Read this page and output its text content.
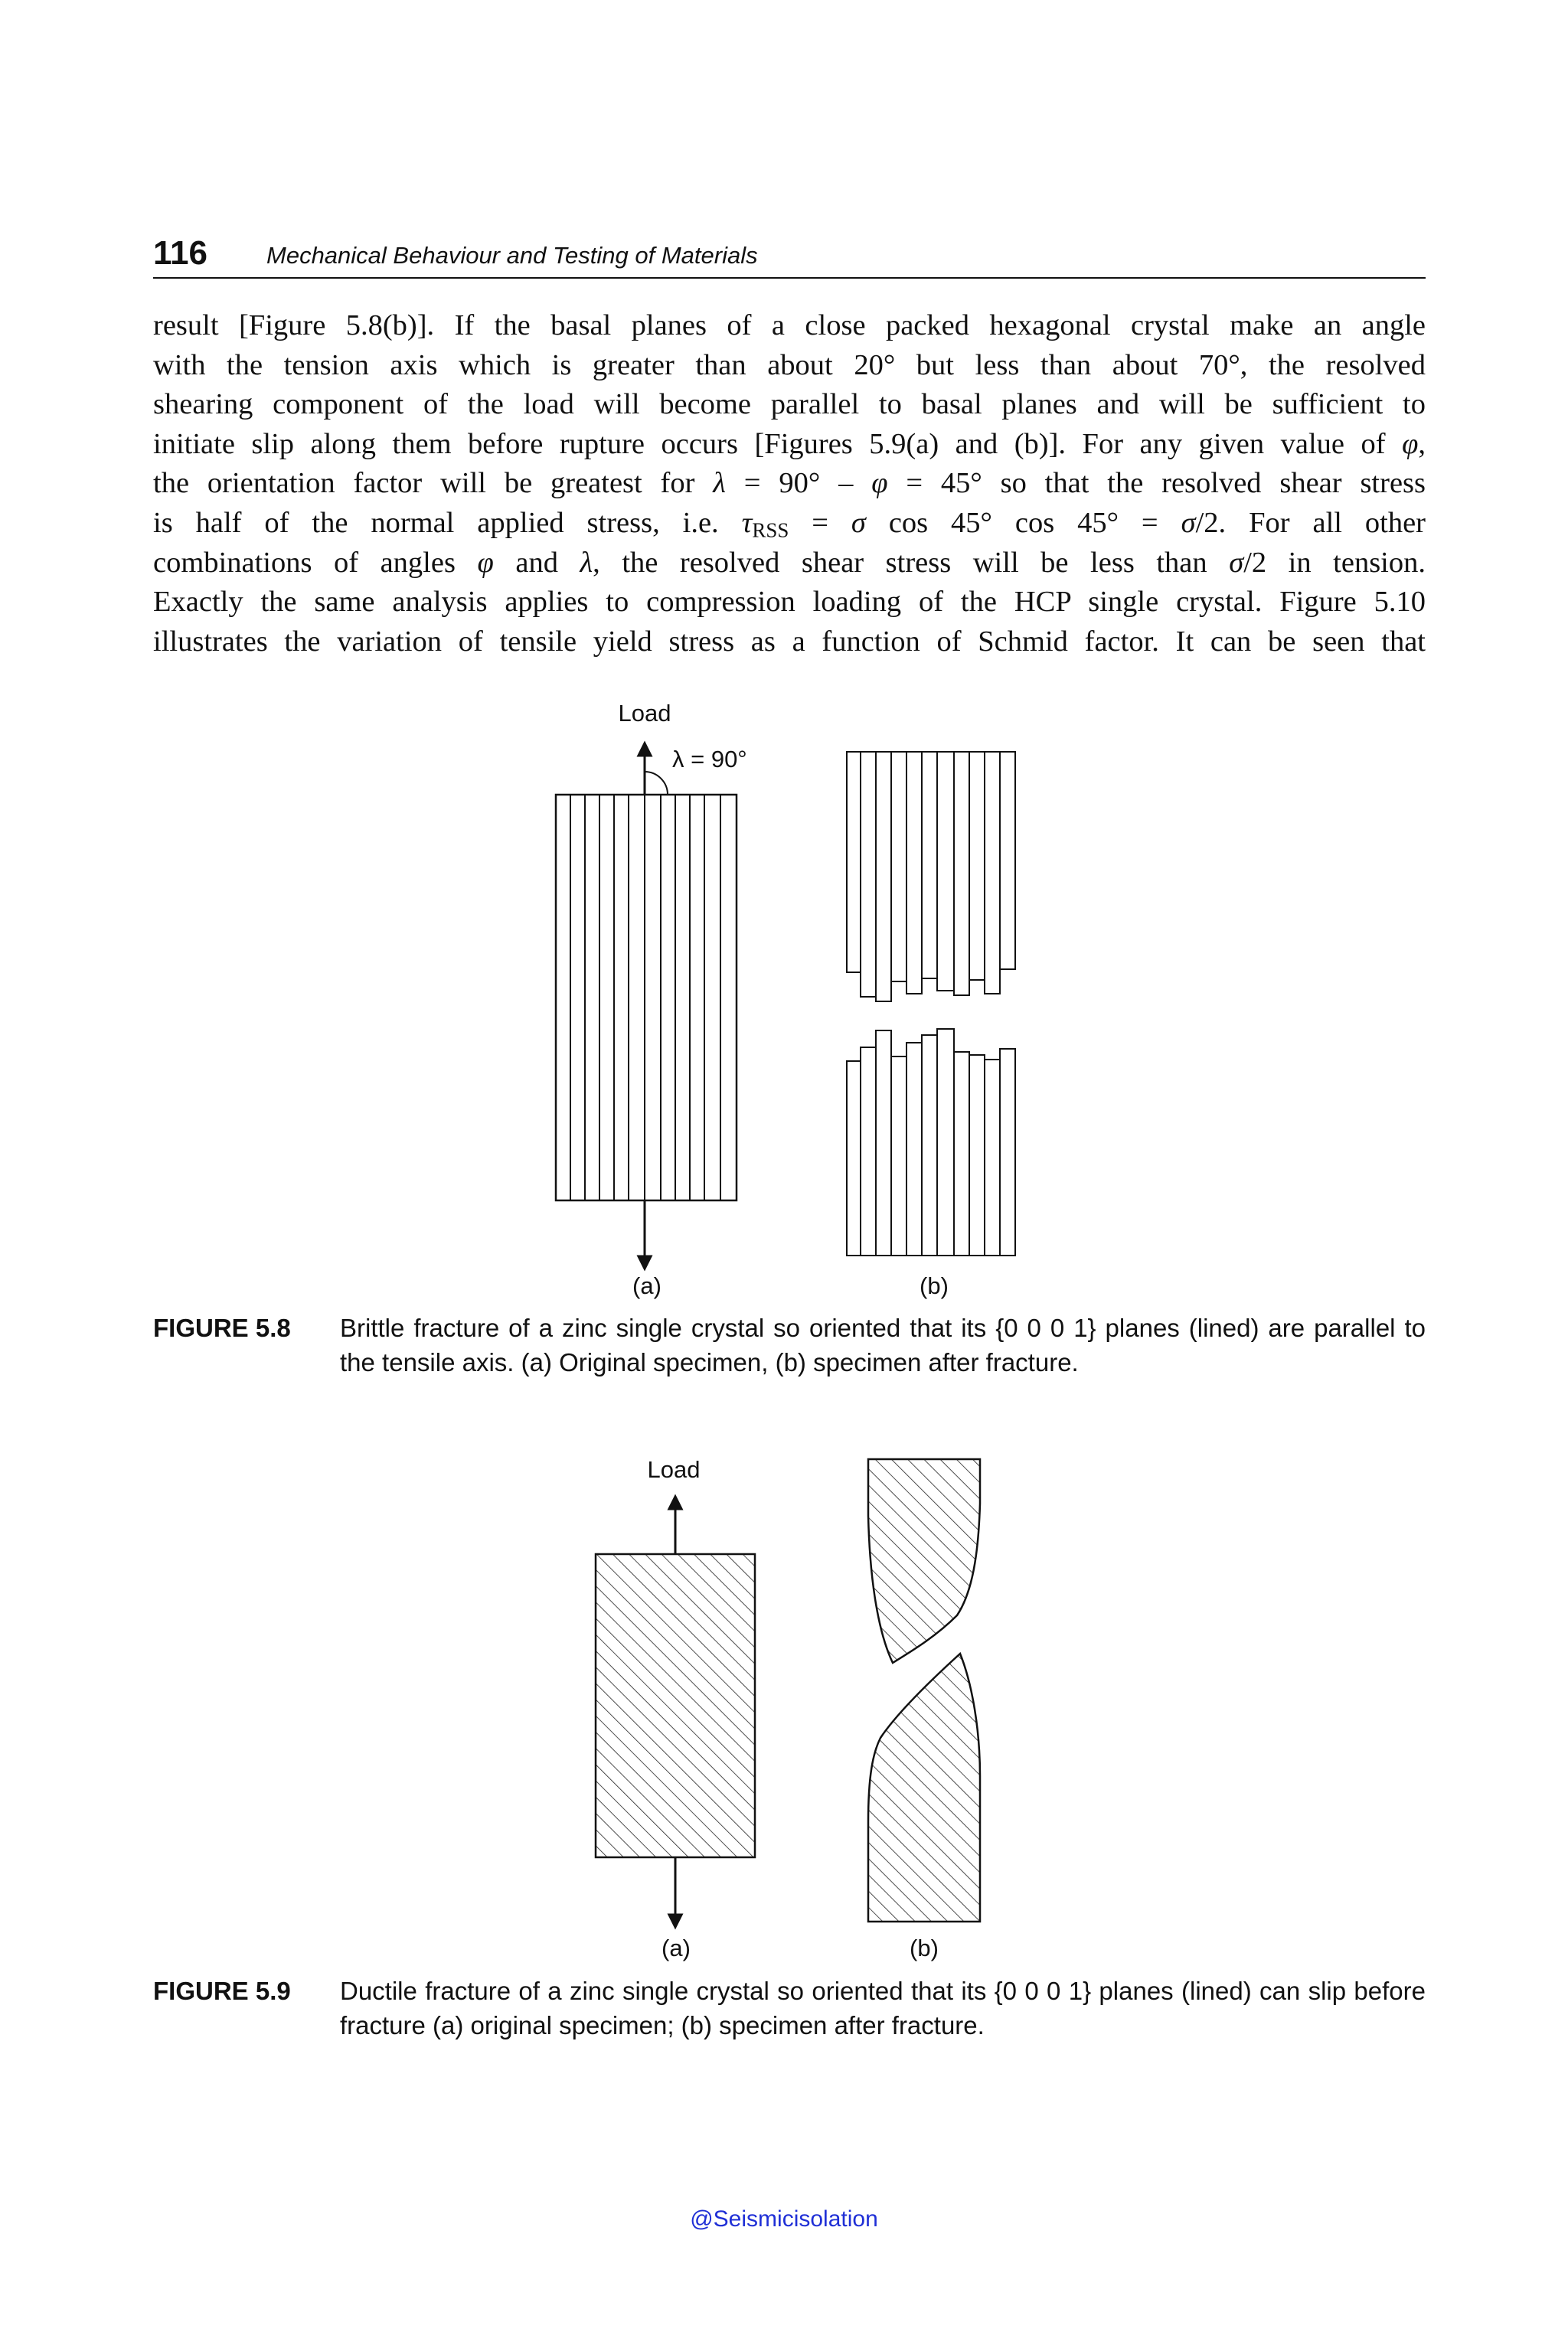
116 Mechanical Behaviour and Testing of Materials
result [Figure 5.8(b)]. If the basal planes of a close packed hexagonal crystal make an angle
with the tension axis which is greater than about 20° but less than about 70°, the resolved
shearing component of the load will become parallel to basal planes and will be sufficient to
initiate slip along them before rupture occurs [Figures 5.9(a) and (b)]. For any given value of φ,
the orientation factor will be greatest for λ = 90° – φ = 45° so that the resolved shear stress
is half of the normal applied stress, i.e. $\tau_{RSS} = \sigma$ cos 45° cos 45° = σ/2. For all other
combinations of angles φ and λ, the resolved shear stress will be less than σ/2 in tension.
Exactly the same analysis applies to compression loading of the HCP single crystal. Figure 5.10
illustrates the variation of tensile yield stress as a function of Schmid factor. It can be seen that
Load
λ = 90°
(a)	(b)
FIGURE 5.8 Brittle fracture of a zinc single crystal so oriented that its {0 0 0 1} planes (lined) are parallel to the tensile axis. (a) Original specimen, (b) specimen after fracture.
Load
(a)	(b)
FIGURE 5.9 Ductile fracture of a zinc single crystal so oriented that its {0 0 0 1} planes (lined) can slip before fracture (a) original specimen; (b) specimen after fracture.
@Seismicisolation
